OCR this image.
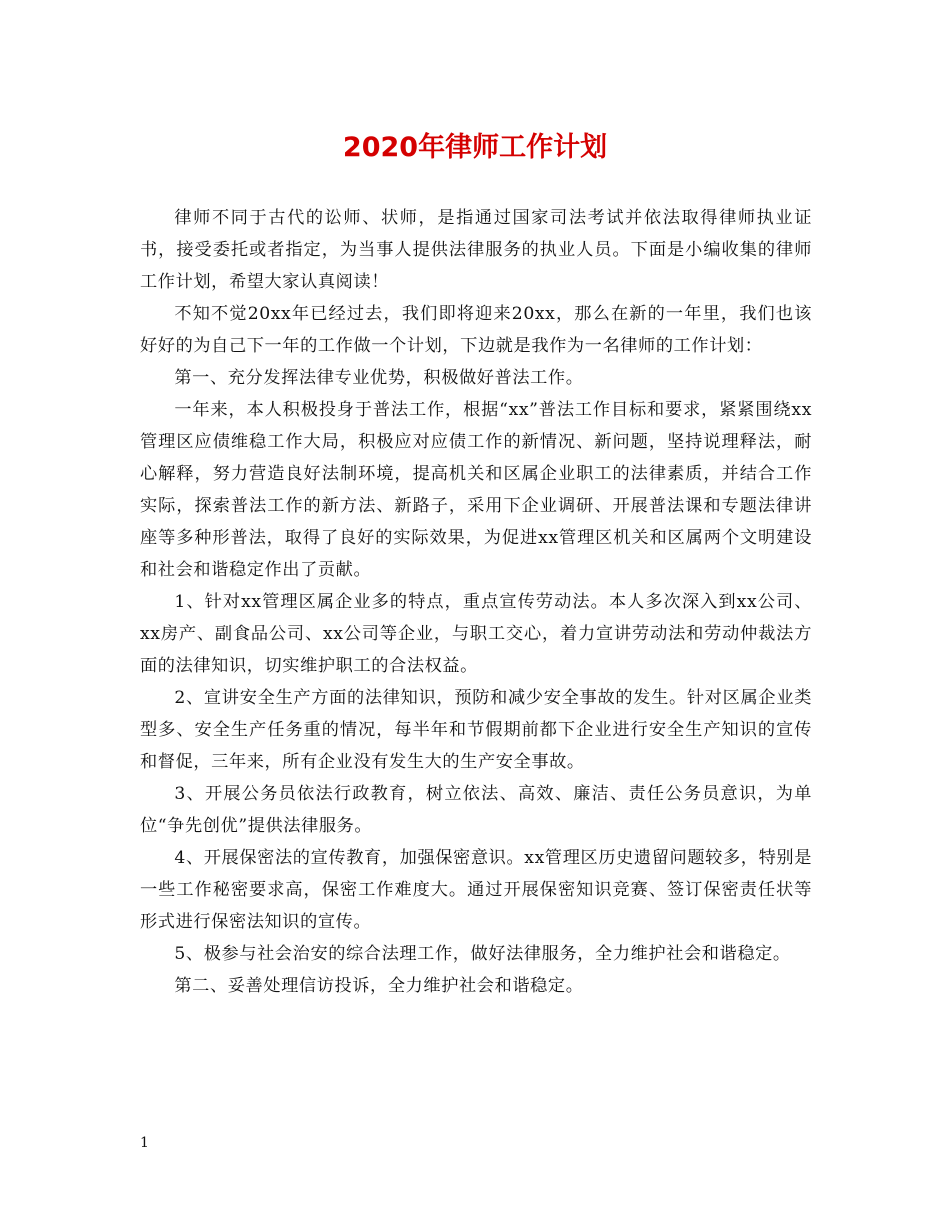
2020年律师工作计划

律师不同于古代的讼师、状师，是指通过国家司法考试并依法取得律师执业证书，接受委托或者指定，为当事人提供法律服务的执业人员。下面是小编收集的律师工作计划，希望大家认真阅读！

不知不觉20xx年已经过去，我们即将迎来20xx，那么在新的一年里，我们也该好好的为自己下一年的工作做一个计划，下边就是我作为一名律师的工作计划：

第一、充分发挥法律专业优势，积极做好普法工作。

一年来，本人积极投身于普法工作，根据“xx”普法工作目标和要求，紧紧围绕xx管理区应债维稳工作大局，积极应对应债工作的新情况、新问题，坚持说理释法，耐心解释，努力营造良好法制环境，提高机关和区属企业职工的法律素质，并结合工作实际，探索普法工作的新方法、新路子，采用下企业调研、开展普法课和专题法律讲座等多种形普法，取得了良好的实际效果，为促进xx管理区机关和区属两个文明建设和社会和谐稳定作出了贡献。

1、针对xx管理区属企业多的特点，重点宣传劳动法。本人多次深入到xx公司、xx房产、副食品公司、xx公司等企业，与职工交心，着力宣讲劳动法和劳动仲裁法方面的法律知识，切实维护职工的合法权益。

2、宣讲安全生产方面的法律知识，预防和减少安全事故的发生。针对区属企业类型多、安全生产任务重的情况，每半年和节假期前都下企业进行安全生产知识的宣传和督促，三年来，所有企业没有发生大的生产安全事故。

3、开展公务员依法行政教育，树立依法、高效、廉洁、责任公务员意识，为单位“争先创优”提供法律服务。

4、开展保密法的宣传教育，加强保密意识。xx管理区历史遗留问题较多，特别是一些工作秘密要求高，保密工作难度大。通过开展保密知识竞赛、签订保密责任状等形式进行保密法知识的宣传。

5、极参与社会治安的综合法理工作，做好法律服务，全力维护社会和谐稳定。

第二、妥善处理信访投诉，全力维护社会和谐稳定。

1
